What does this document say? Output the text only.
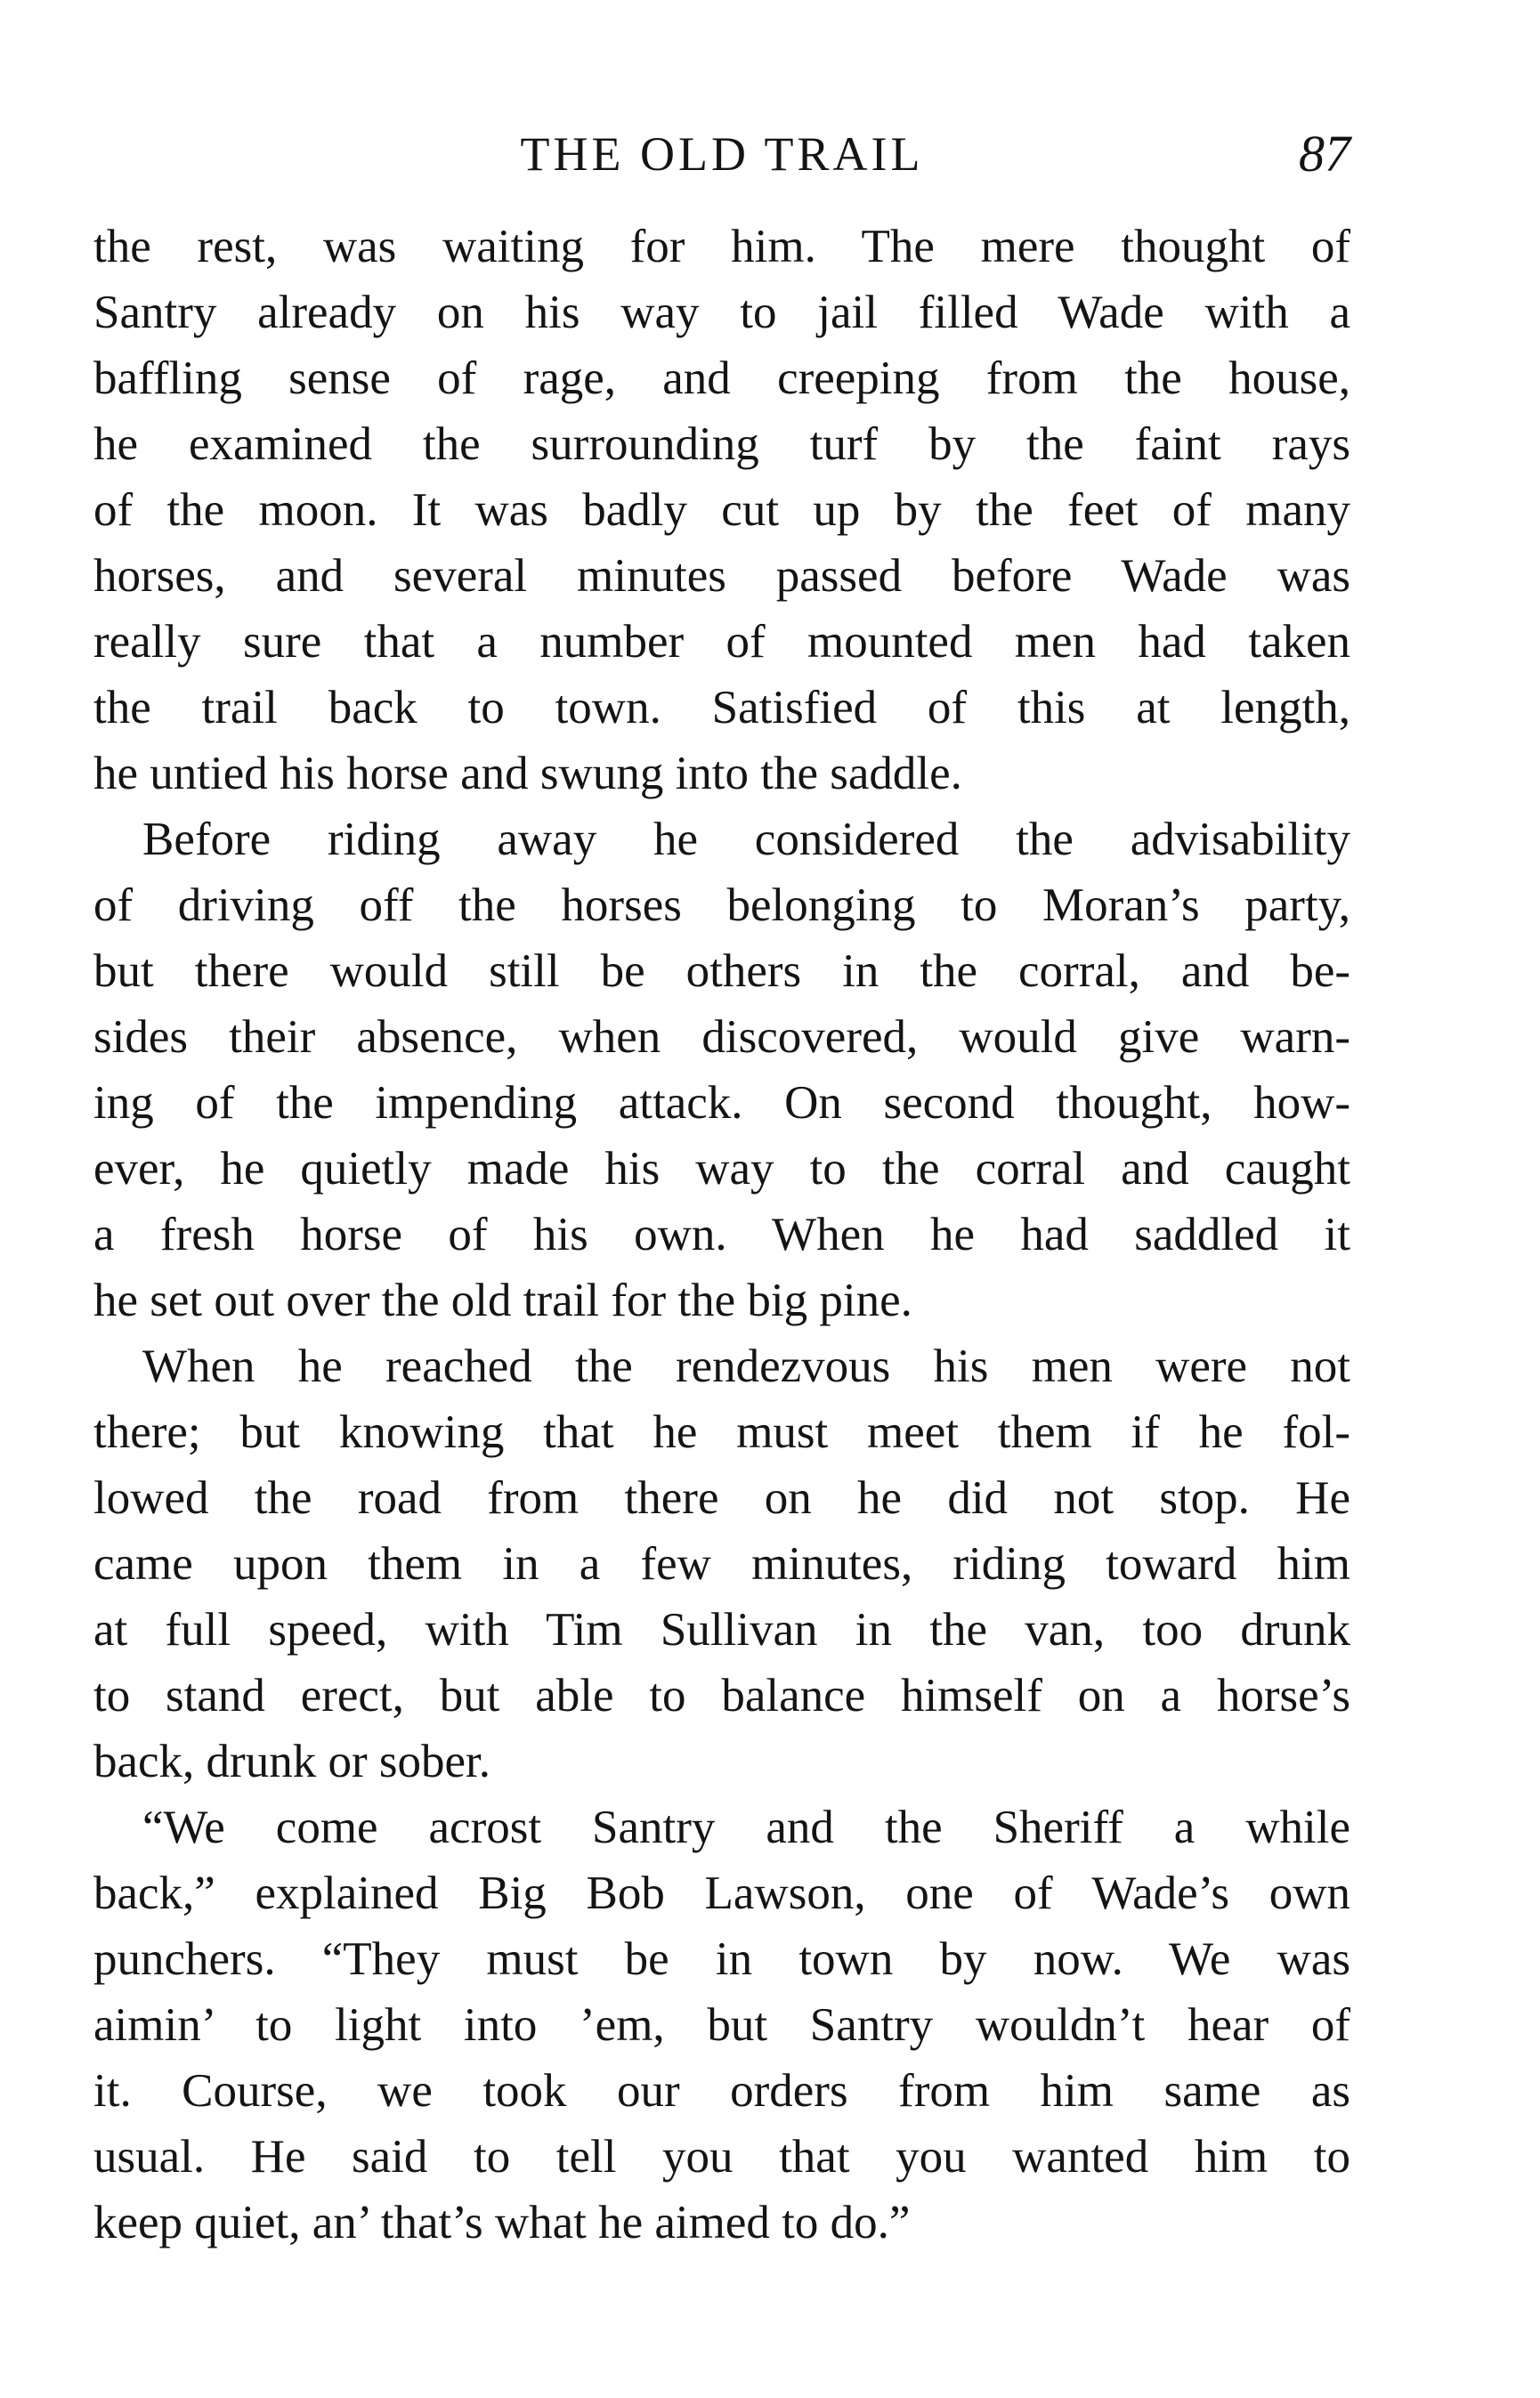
THE OLD TRAIL	87
the rest, was waiting for him. The mere thought of
Santry already on his way to jail filled Wade with a
baffling sense of rage, and creeping from the house,
he examined the surrounding turf by the faint rays
of the moon. It was badly cut up by the feet of many
horses, and several minutes passed before Wade was
really sure that a number of mounted men had taken
the trail back to town. Satisfied of this at length,
he untied his horse and swung into the saddle.
Before riding away he considered the advisability
of driving off the horses belonging to Moran’s party,
but there would still be others in the corral, and be-
sides their absence, when discovered, would give warn-
ing of the impending attack. On second thought, how-
ever, he quietly made his way to the corral and caught
a fresh horse of his own. When he had saddled it
he set out over the old trail for the big pine.
When he reached the rendezvous his men were not
there; but knowing that he must meet them if he fol-
lowed the road from there on he did not stop. He
came upon them in a few minutes, riding toward him
at full speed, with Tim Sullivan in the van, too drunk
to stand erect, but able to balance himself on a horse’s
back, drunk or sober.
“We come acrost Santry and the Sheriff a while
back,” explained Big Bob Lawson, one of Wade’s own
punchers. “They must be in town by now. We was
aimin’ to light into ’em, but Santry wouldn’t hear of
it. Course, we took our orders from him same as
usual. He said to tell you that you wanted him to
keep quiet, an’ that’s what he aimed to do.”
